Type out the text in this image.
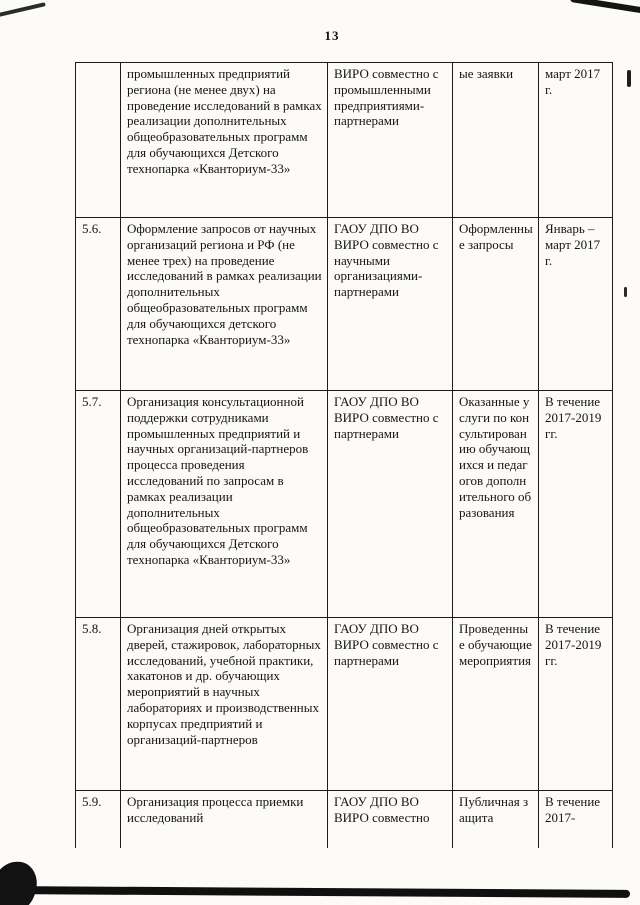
13
	промышленных предприятий региона (не менее двух) на проведение исследований в рамках реализации дополнительных общеобразовательных программ для обучающихся Детского технопарка «Кванториум-33»	ВИРО совместно с промышленными предприятиями-партнерами	ые заявки	март 2017 г.
5.6.	Оформление запросов от научных организаций региона и РФ (не менее трех) на проведение исследований в рамках реализации дополнительных общеобразовательных программ для обучающихся детского технопарка «Кванториум-33»	ГАОУ ДПО ВО ВИРО совместно с научными организациями-партнерами	Оформленные запросы	Январь – март 2017 г.
5.7.	Организация консультационной поддержки сотрудниками промышленных предприятий и научных организаций-партнеров процесса проведения исследований по запросам в рамках реализации дополнительных общеобразовательных программ для обучающихся Детского технопарка «Кванториум-33»	ГАОУ ДПО ВО ВИРО совместно с партнерами	Оказанные услуги по консультированию обучающихся и педагогов дополнительного образования	В течение 2017-2019 гг.
5.8.	Организация дней открытых дверей, стажировок, лабораторных исследований, учебной практики, хакатонов и др. обучающих мероприятий в научных лабораториях и производственных корпусах предприятий и организаций-партнеров	ГАОУ ДПО ВО ВИРО совместно с партнерами	Проведенные обучающие мероприятия	В течение 2017-2019 гг.
5.9.	Организация процесса приемки исследований	ГАОУ ДПО ВО ВИРО совместно	Публичная защита	В течение 2017-
